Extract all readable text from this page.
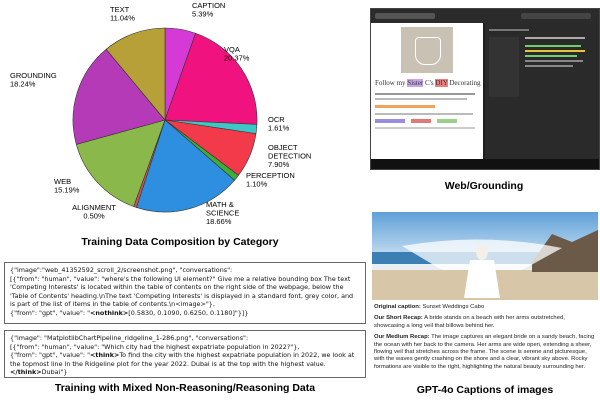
CAPTION 5.39%
VQA 20.37%
OCR 1.61%
OBJECT DETECTION 7.90%
PERCEPTION 1.10%
MATH & SCIENCE 18.66%
ALIGNMENT 0.50%
WEB 15.19%
GROUNDING 18.24%
TEXT 11.04%
Training Data Composition by Category
Follow my Sister C's DIY Decorating
Web/Grounding
{"image":"web_41352592_scroll_2/screenshot.png", "conversations":
[{"from": "human", "value": "where's the following UI element?" Give me a relative bounding box The text 'Competing Interests' is located within the table of contents on the right side of the webpage, below the 'Table of Contents' heading.\nThe text 'Competing Interests' is displayed in a standard font, grey color, and is part of the list of items in the table of contents.\n<image>"},
{"from": "gpt", "value": "<nothink>[0.5830, 0.1090, 0.6250, 0.1180]"}]}
{"image": "MatplotlibChartPipeline_ridgeline_1-286.png", "conversations":
[{"from": "human", "value": "Which city had the highest expatriate population in 2022?"},
{"from": "gpt", "value": "<think>To find the city with the highest expatriate population in 2022, we look at the topmost line in the Ridgeline plot for the year 2022. Dubai is at the top with the highest value.</think>Dubai"}
Training with Mixed Non-Reasoning/Reasoning Data

Original caption: Sunset Weddings Cabo

Our Short Recap: A bride stands on a beach with her arms outstretched, showcasing a long veil that billows behind her.

Our Medium Recap: The image captures an elegant bride on a sandy beach, facing the ocean with her back to the camera. Her arms are wide open, extending a sheer, flowing veil that stretches across the frame. The scene is serene and picturesque, with the waves gently crashing on the shore and a clear, vibrant sky above. Rocky formations are visible to the right, highlighting the natural beauty surrounding her.

GPT-4o Captions of images
